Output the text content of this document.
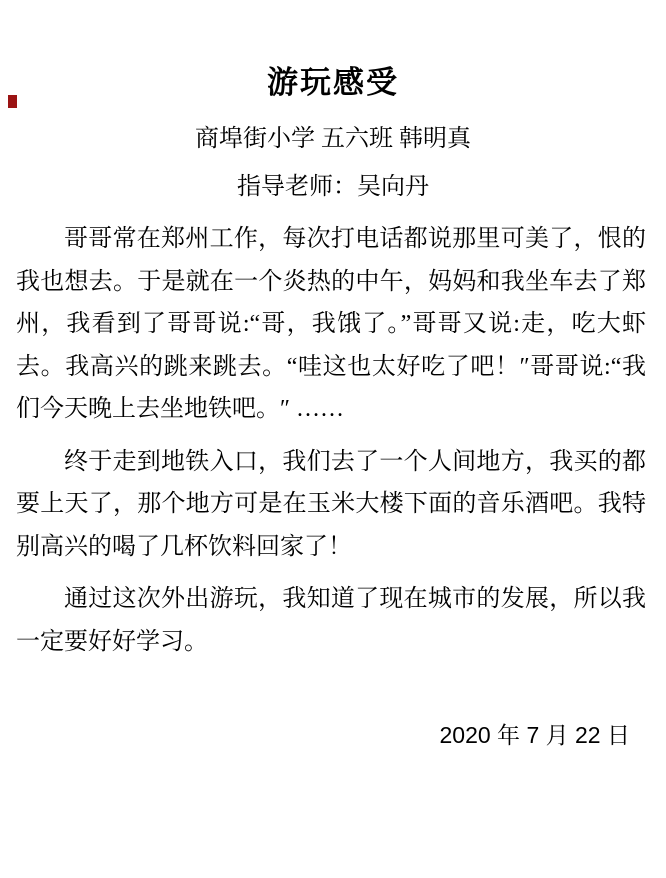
游玩感受
商埠街小学 五六班 韩明真
指导老师：吴向丹
哥哥常在郑州工作，每次打电话都说那里可美了，恨的
我也想去。于是就在一个炎热的中午，妈妈和我坐车去了郑
州，我看到了哥哥说:“哥，我饿了。”哥哥又说:走，吃大虾
去。我高兴的跳来跳去。“哇这也太好吃了吧！″哥哥说:“我
们今天晚上去坐地铁吧。″ ……
终于走到地铁入口，我们去了一个人间地方，我买的都
要上天了，那个地方可是在玉米大楼下面的音乐酒吧。我特
别高兴的喝了几杯饮料回家了！
通过这次外出游玩，我知道了现在城市的发展，所以我
一定要好好学习。
2020 年 7 月 22 日
